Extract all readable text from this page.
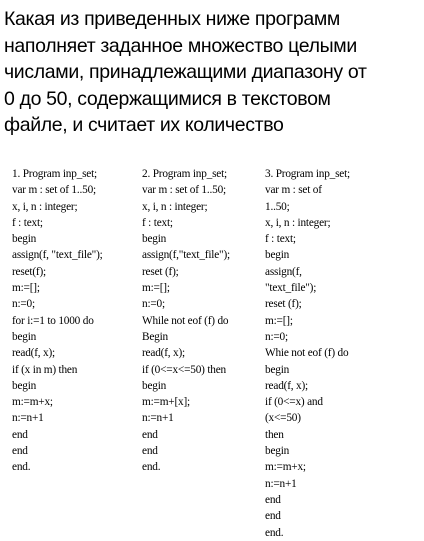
Какая из приведенных ниже программ
наполняет заданное множество целыми
числами, принадлежащими диапазону от
0 до 50, содержащимися в текстовом
файле, и считает их количество
1. Program inp_set;
var m : set of 1..50;
x, i, n : integer;
f : text;
begin
assign(f, "text_file");
reset(f);
m:=[];
n:=0;
for i:=1 to 1000 do
begin
read(f, x);
if (x in m) then
begin
m:=m+x;
n:=n+1
end
end
end.
2. Program inp_set;
var m : set of 1..50;
x, i, n : integer;
f : text;
begin
assign(f,"text_file");
reset (f);
m:=[];
n:=0;
While not eof (f) do
Begin
read(f, x);
if (0<=x<=50) then
begin
m:=m+[x];
n:=n+1
end
end
end.
3. Program inp_set;
var m : set of
1..50;
x, i, n : integer;
f : text;
begin
assign(f,
"text_file");
reset (f);
m:=[];
n:=0;
Whie not eof (f) do
begin
read(f, x);
if (0<=x) and
(x<=50)
then
begin
m:=m+x;
n:=n+1
end
end
end.
